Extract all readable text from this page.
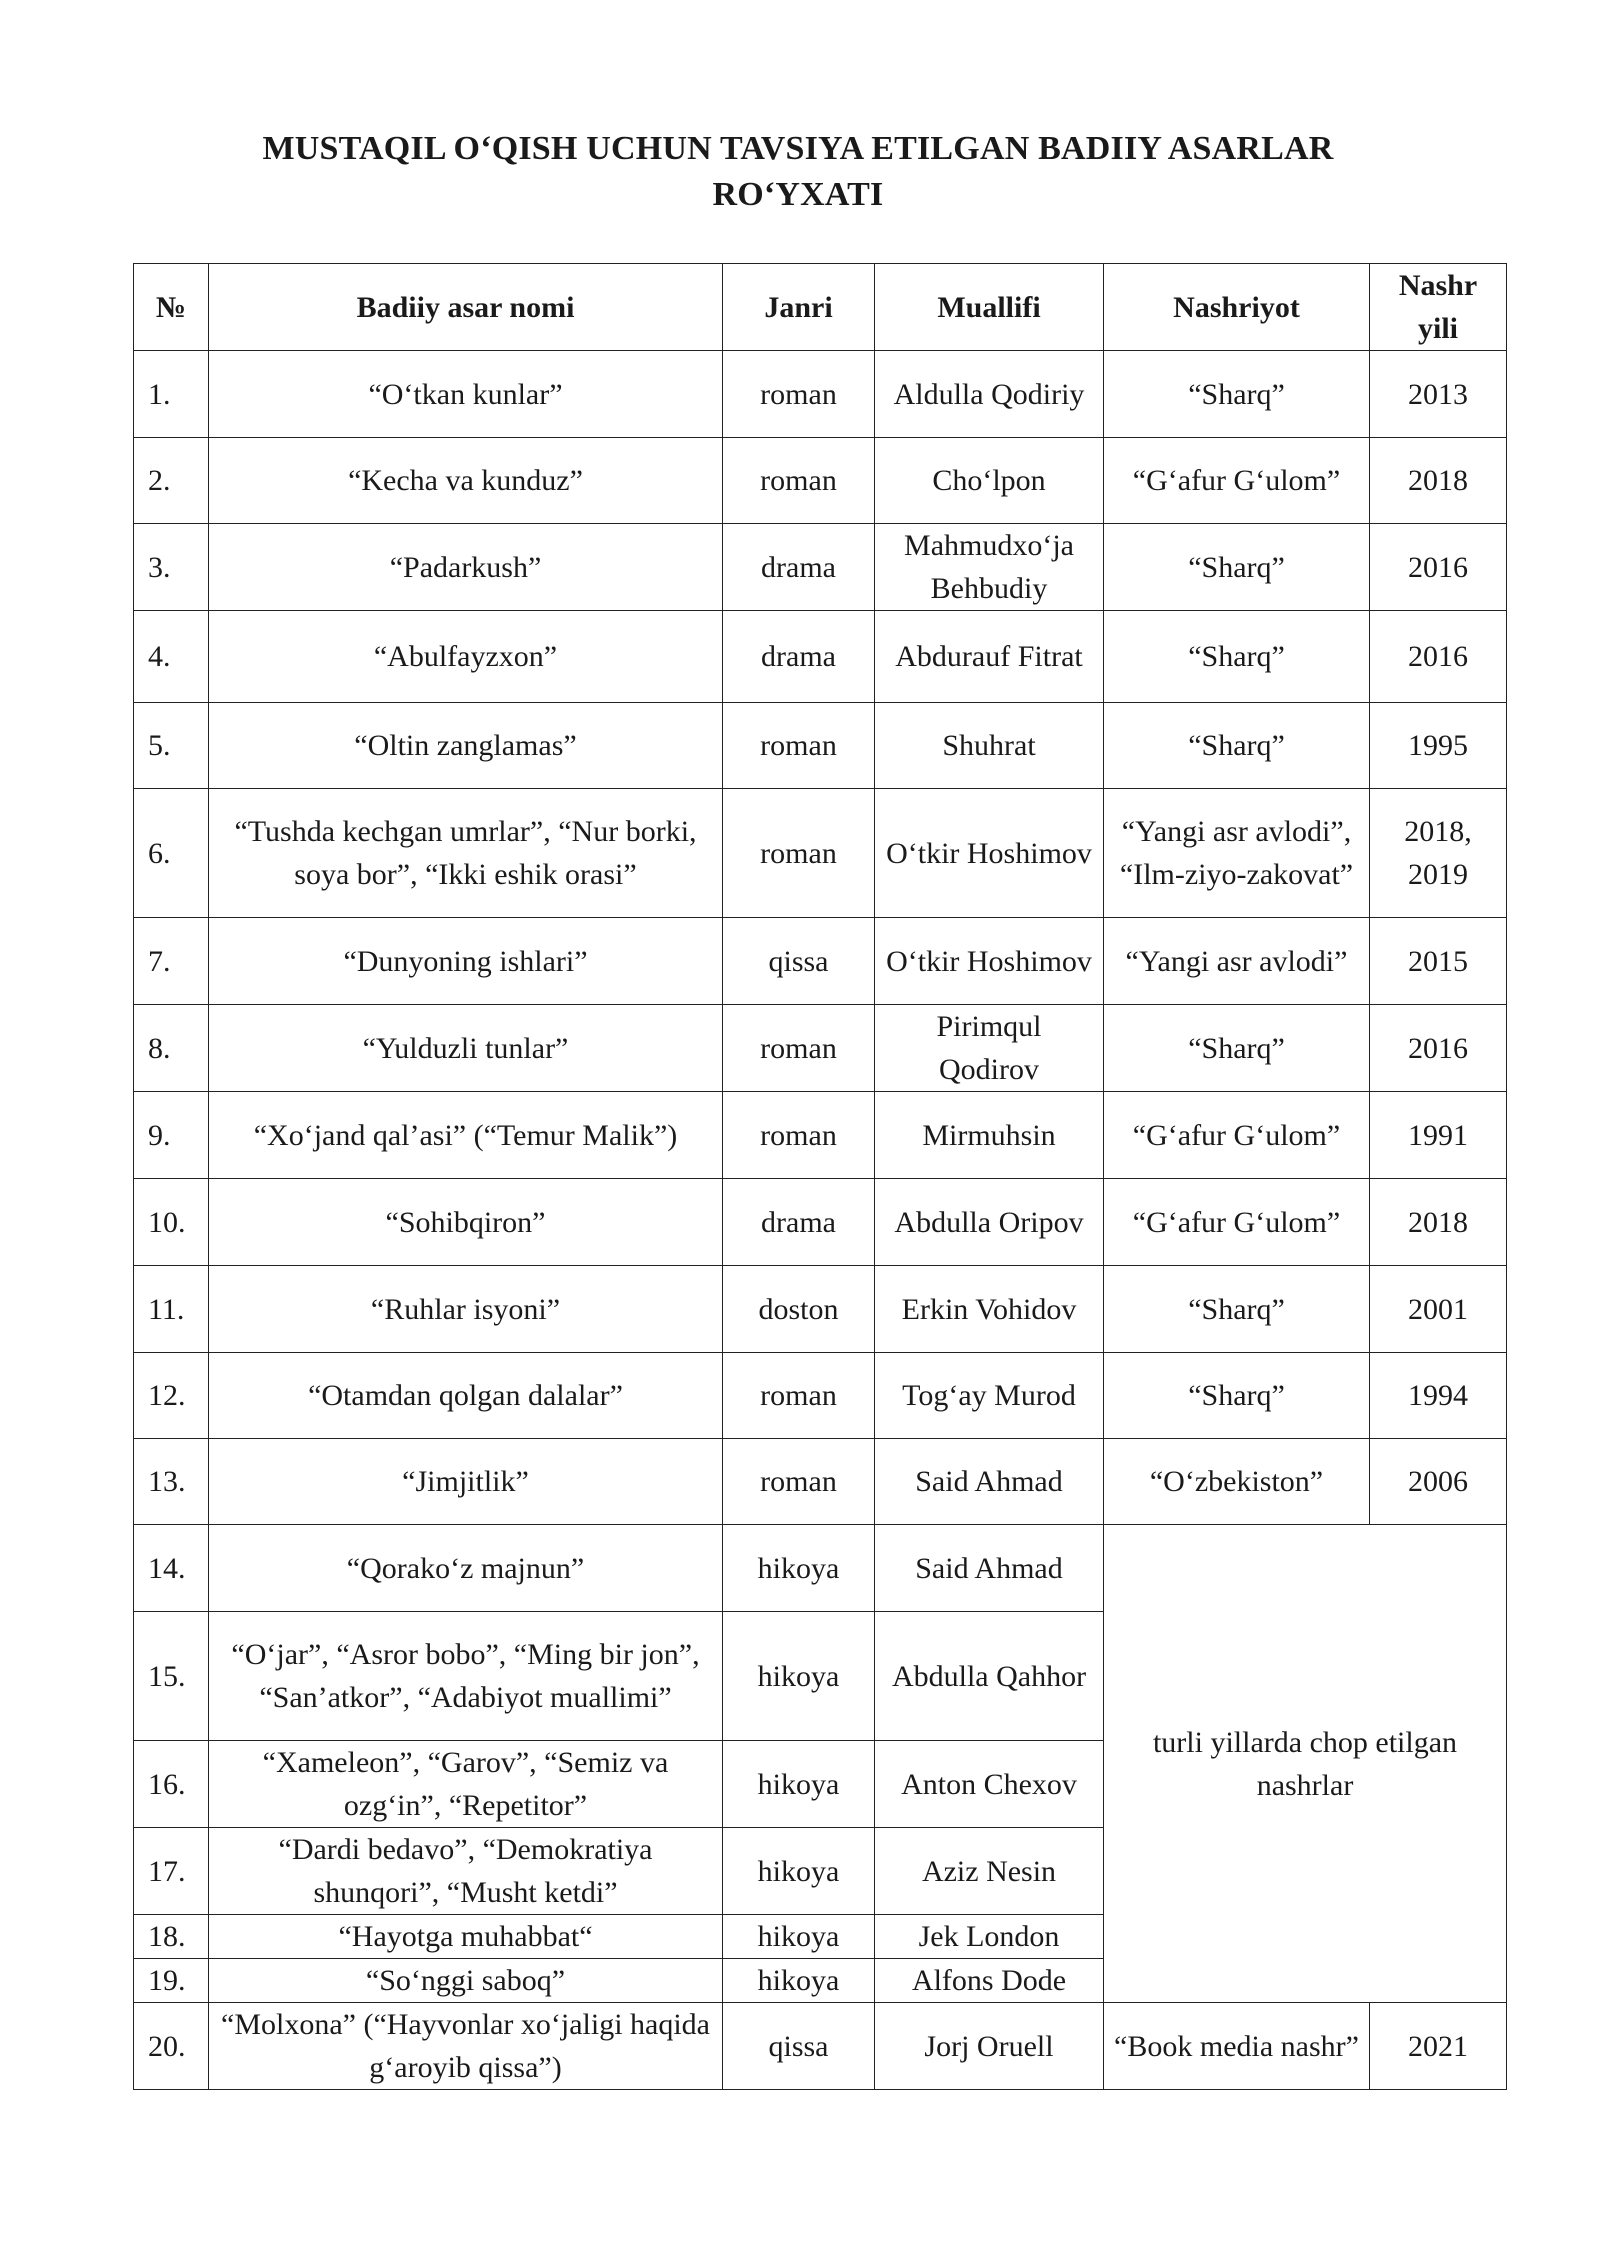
MUSTAQIL O‘QISH UCHUN TAVSIYA ETILGAN BADIIY ASARLAR
RO‘YXATI
№	Badiiy asar nomi	Janri	Muallifi	Nashriyot	Nashr
yili

1.	“O‘tkan kunlar”	roman	Aldulla Qodiriy	“Sharq”	2013
2.	“Kecha va kunduz”	roman	Cho‘lpon	“G‘afur G‘ulom”	2018
3.	“Padarkush”	drama	Mahmudxo‘ja Behbudiy	“Sharq”	2016
4.	“Abulfayzxon”	drama	Abdurauf Fitrat	“Sharq”	2016
5.	“Oltin zanglamas”	roman	Shuhrat	“Sharq”	1995
6.	“Tushda kechgan umrlar”, “Nur borki, soya bor”, “Ikki eshik orasi”	roman	O‘tkir Hoshimov	“Yangi asr avlodi”, “Ilm-ziyo-zakovat”	2018, 2019
7.	“Dunyoning ishlari”	qissa	O‘tkir Hoshimov	“Yangi asr avlodi”	2015
8.	“Yulduzli tunlar”	roman	Pirimqul Qodirov	“Sharq”	2016
9.	“Xo‘jand qal’asi” (“Temur Malik”)	roman	Mirmuhsin	“G‘afur G‘ulom”	1991
10.	“Sohibqiron”	drama	Abdulla Oripov	“G‘afur G‘ulom”	2018
11.	“Ruhlar isyoni”	doston	Erkin Vohidov	“Sharq”	2001
12.	“Otamdan qolgan dalalar”	roman	Tog‘ay Murod	“Sharq”	1994
13.	“Jimjitlik”	roman	Said Ahmad	“O‘zbekiston”	2006
14.	“Qorako‘z majnun”	hikoya	Said Ahmad	turli yillarda chop etilgan nashrlar	
15.	“O‘jar”, “Asror bobo”, “Ming bir jon”, “San’atkor”, “Adabiyot muallimi”	hikoya	Abdulla Qahhor		
16.	“Xameleon”, “Garov”, “Semiz va ozg‘in”, “Repetitor”	hikoya	Anton Chexov		
17.	“Dardi bedavo”, “Demokratiya shunqori”, “Musht ketdi”	hikoya	Aziz Nesin		
18.	“Hayotga muhabbat“	hikoya	Jek London		
19.	“So‘nggi saboq”	hikoya	Alfons Dode		
20.	“Molxona” (“Hayvonlar xo‘jaligi haqida g‘aroyib qissa”)	qissa	Jorj Oruell	“Book media nashr”	2021
